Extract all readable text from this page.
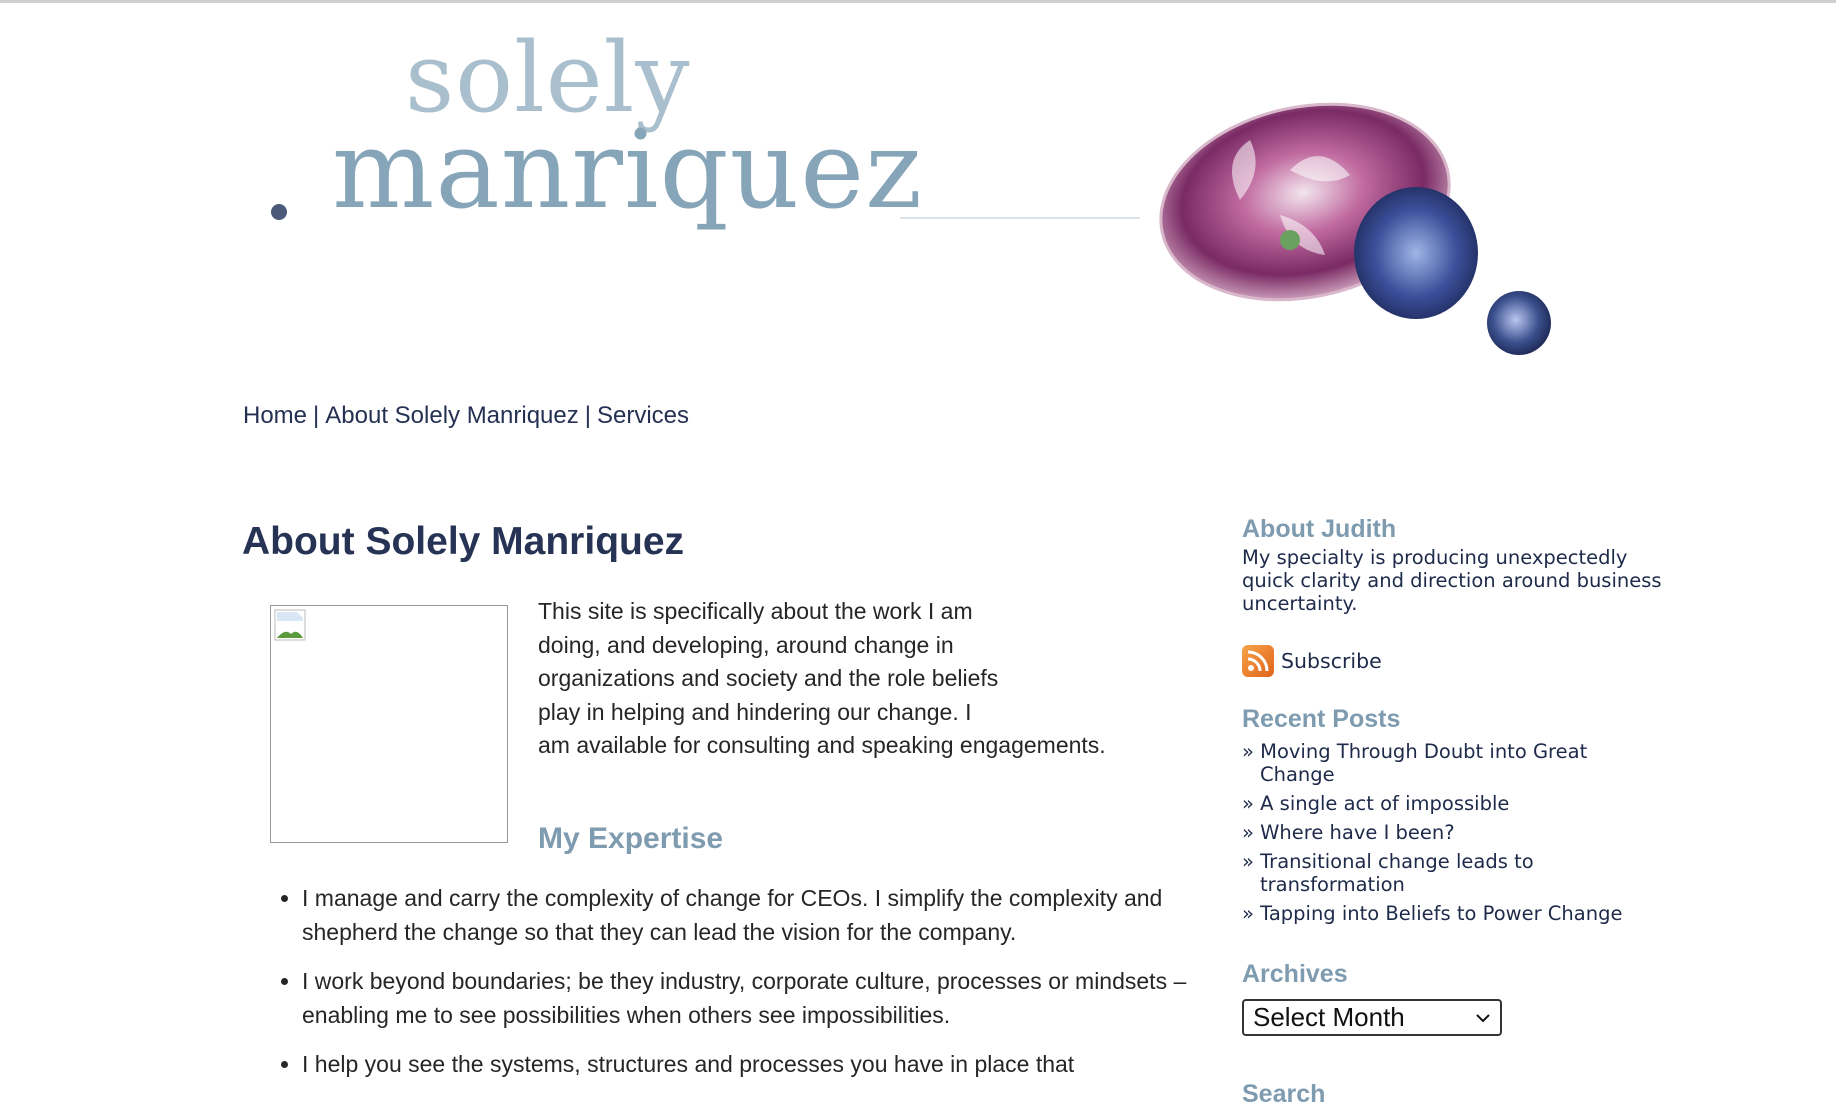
solely
manriquez
Home | About Solely Manriquez | Services
About Solely Manriquez
This site is specifically about the work I am
doing, and developing, around change in
organizations and society and the role beliefs
play in helping and hindering our change. I
am available for consulting and speaking engagements.
My Expertise
• I manage and carry the complexity of change for CEOs. I simplify the complexity and shepherd the change so that they can lead the vision for the company.
• I work beyond boundaries; be they industry, corporate culture, processes or mindsets – enabling me to see possibilities when others see impossibilities.
• I help you see the systems, structures and processes you have in place that
About Judith

My specialty is producing unexpectedly quick clarity and direction around business uncertainty.

Subscribe
Recent Posts
» Moving Through Doubt into Great Change
» A single act of impossible
» Where have I been?
» Transitional change leads to transformation
» Tapping into Beliefs to Power Change
Archives
Select Month
Search
